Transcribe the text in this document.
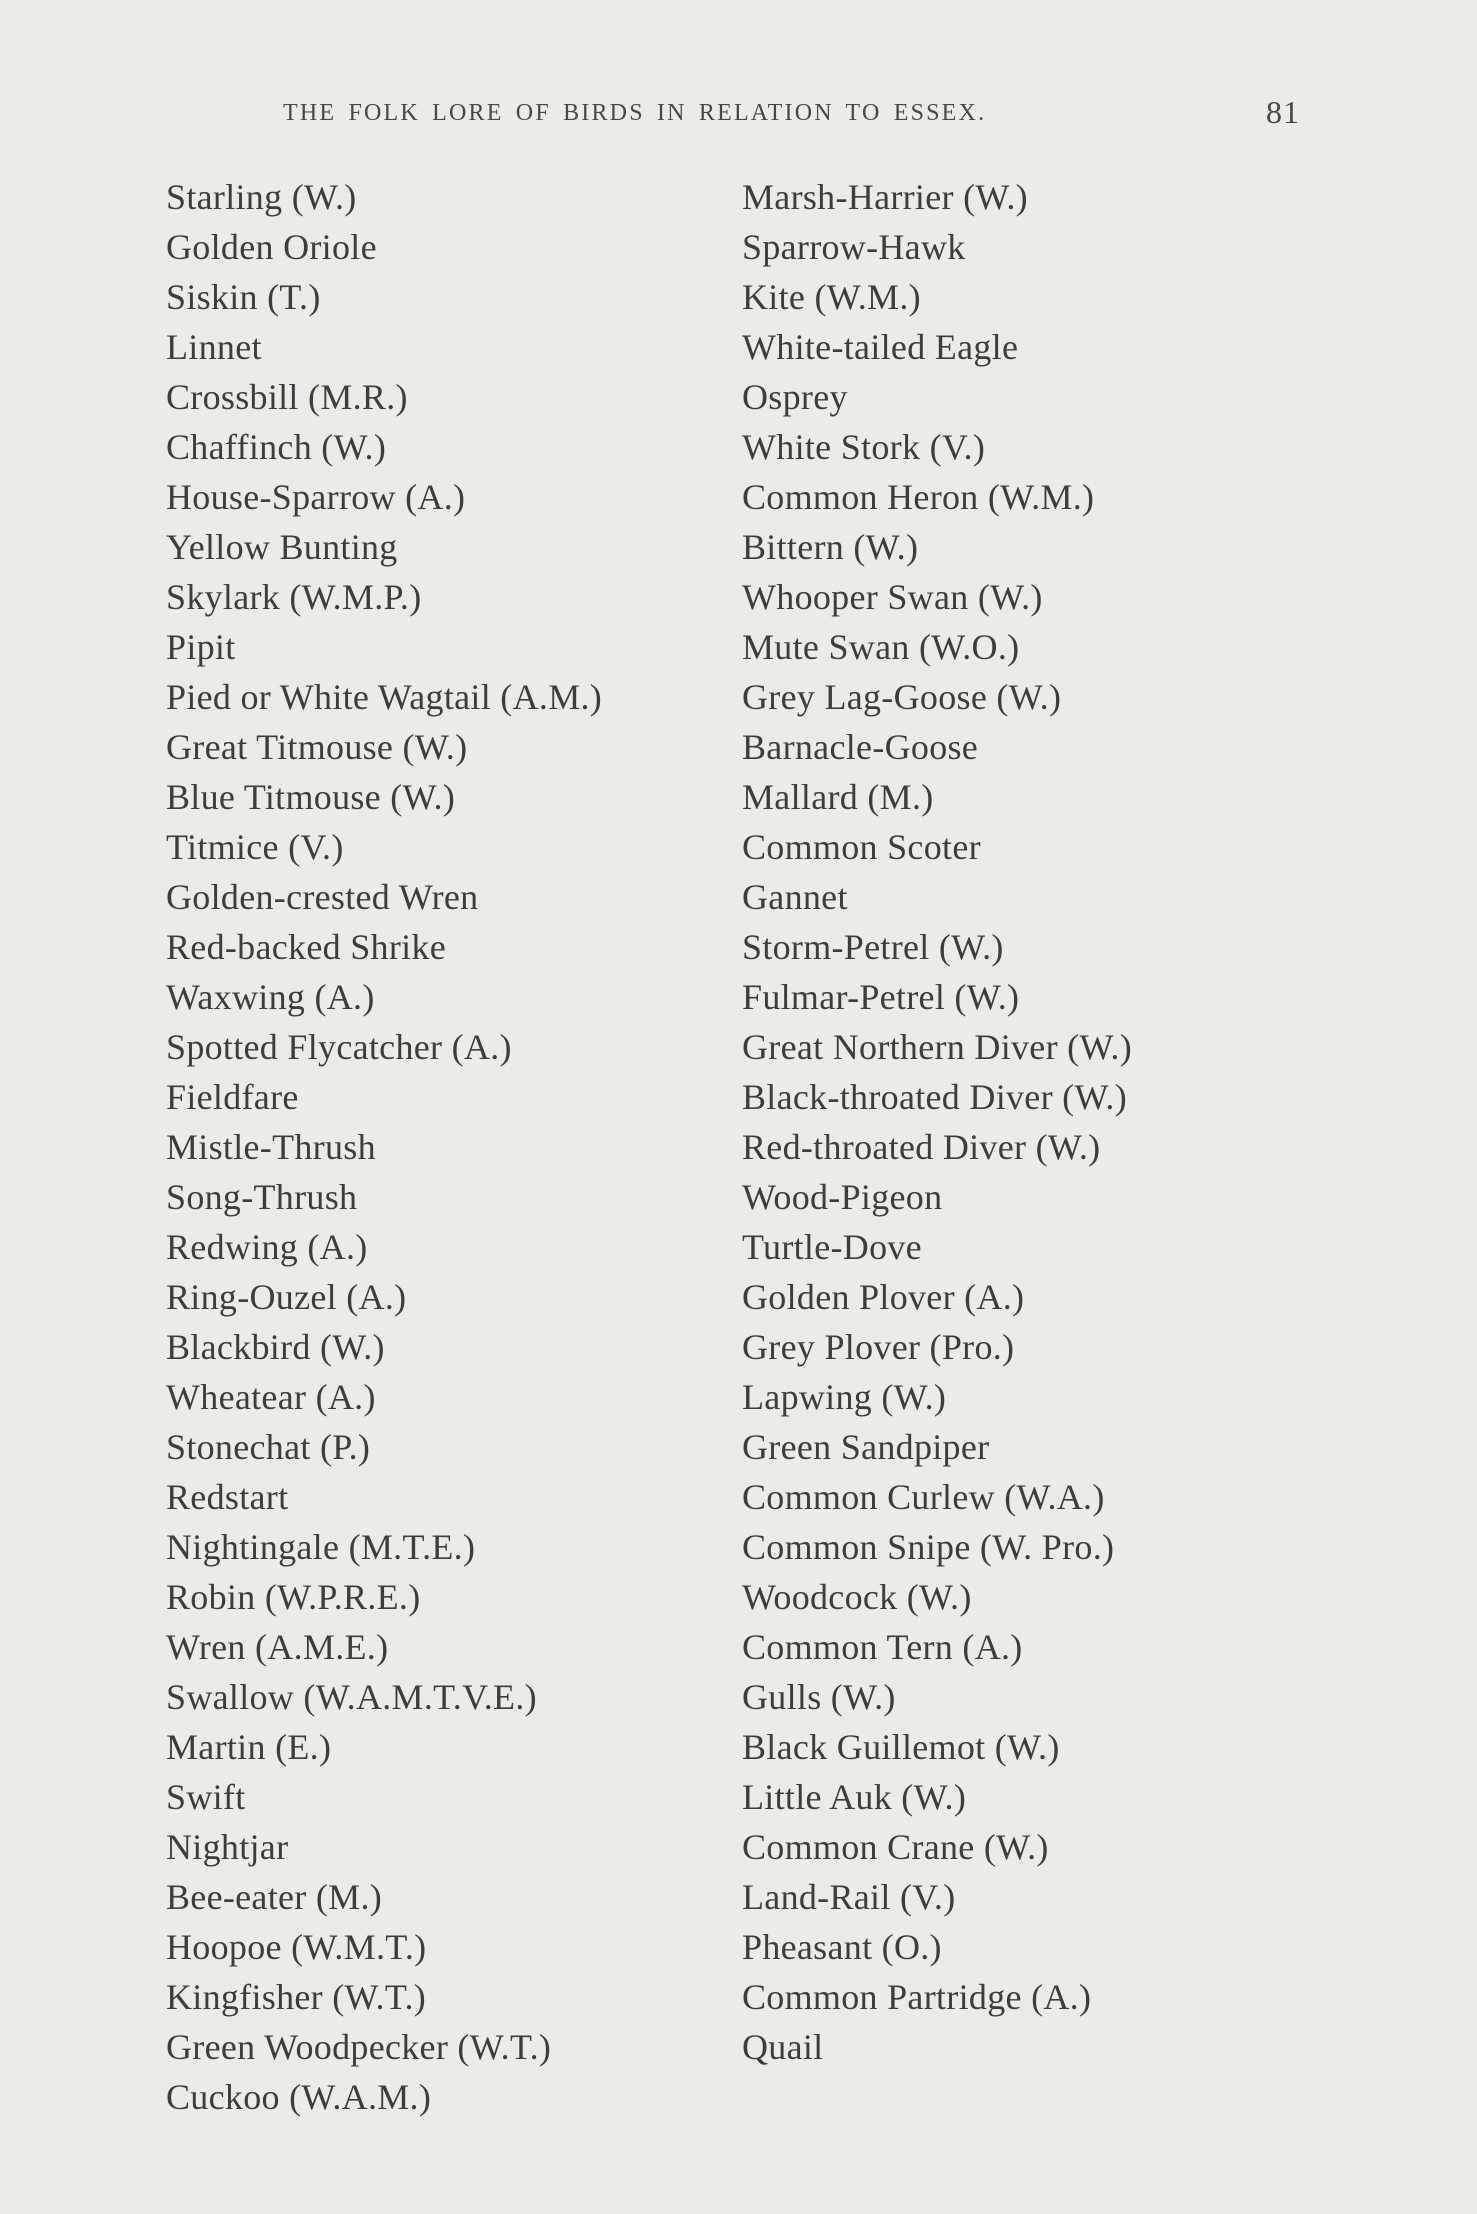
THE FOLK LORE OF BIRDS IN RELATION TO ESSEX.	81
Starling (W.)
Golden Oriole
Siskin (T.)
Linnet
Crossbill (M.R.)
Chaffinch (W.)
House-Sparrow (A.)
Yellow Bunting
Skylark (W.M.P.)
Pipit
Pied or White Wagtail (A.M.)
Great Titmouse (W.)
Blue Titmouse (W.)
Titmice (V.)
Golden-crested Wren
Red-backed Shrike
Waxwing (A.)
Spotted Flycatcher (A.)
Fieldfare
Mistle-Thrush
Song-Thrush
Redwing (A.)
Ring-Ouzel (A.)
Blackbird (W.)
Wheatear (A.)
Stonechat (P.)
Redstart
Nightingale (M.T.E.)
Robin (W.P.R.E.)
Wren (A.M.E.)
Swallow (W.A.M.T.V.E.)
Martin (E.)
Swift
Nightjar
Bee-eater (M.)
Hoopoe (W.M.T.)
Kingfisher (W.T.)
Green Woodpecker (W.T.)
Cuckoo (W.A.M.)
Marsh-Harrier (W.)
Sparrow-Hawk
Kite (W.M.)
White-tailed Eagle
Osprey
White Stork (V.)
Common Heron (W.M.)
Bittern (W.)
Whooper Swan (W.)
Mute Swan (W.O.)
Grey Lag-Goose (W.)
Barnacle-Goose
Mallard (M.)
Common Scoter
Gannet
Storm-Petrel (W.)
Fulmar-Petrel (W.)
Great Northern Diver (W.)
Black-throated Diver (W.)
Red-throated Diver (W.)
Wood-Pigeon
Turtle-Dove
Golden Plover (A.)
Grey Plover (Pro.)
Lapwing (W.)
Green Sandpiper
Common Curlew (W.A.)
Common Snipe (W. Pro.)
Woodcock (W.)
Common Tern (A.)
Gulls (W.)
Black Guillemot (W.)
Little Auk (W.)
Common Crane (W.)
Land-Rail (V.)
Pheasant (O.)
Common Partridge (A.)
Quail
